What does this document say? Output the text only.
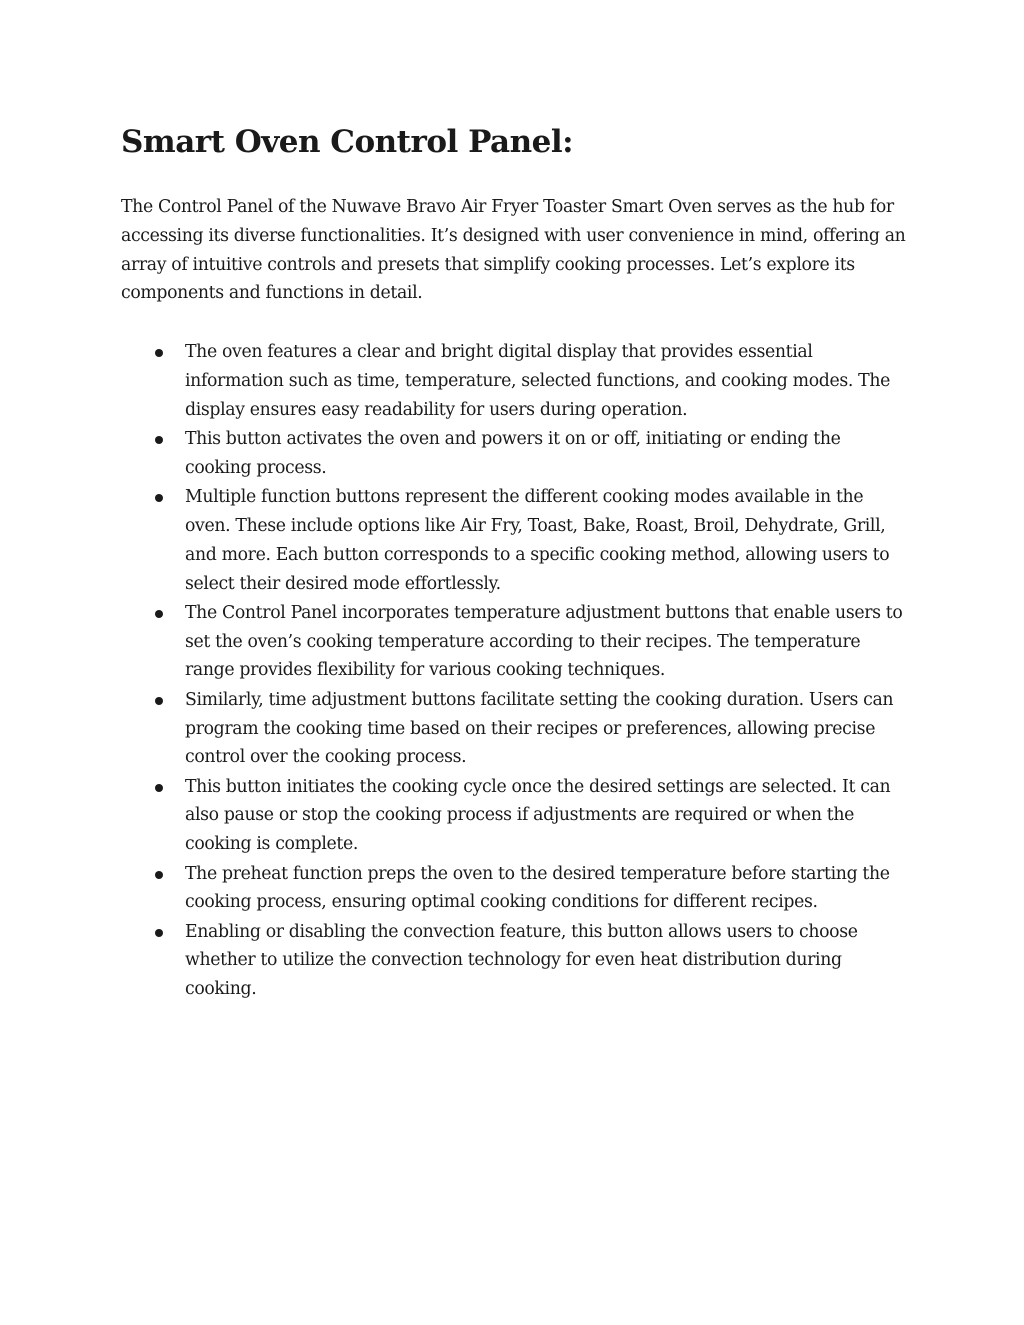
Smart Oven Control Panel:

The Control Panel of the Nuwave Bravo Air Fryer Toaster Smart Oven serves as the hub for accessing its diverse functionalities. It’s designed with user convenience in mind, offering an array of intuitive controls and presets that simplify cooking processes. Let’s explore its components and functions in detail.

The oven features a clear and bright digital display that provides essential information such as time, temperature, selected functions, and cooking modes. The display ensures easy readability for users during operation.
This button activates the oven and powers it on or off, initiating or ending the cooking process.
Multiple function buttons represent the different cooking modes available in the oven. These include options like Air Fry, Toast, Bake, Roast, Broil, Dehydrate, Grill, and more. Each button corresponds to a specific cooking method, allowing users to select their desired mode effortlessly.
The Control Panel incorporates temperature adjustment buttons that enable users to set the oven’s cooking temperature according to their recipes. The temperature range provides flexibility for various cooking techniques.
Similarly, time adjustment buttons facilitate setting the cooking duration. Users can program the cooking time based on their recipes or preferences, allowing precise control over the cooking process.
This button initiates the cooking cycle once the desired settings are selected. It can also pause or stop the cooking process if adjustments are required or when the cooking is complete.
The preheat function preps the oven to the desired temperature before starting the cooking process, ensuring optimal cooking conditions for different recipes.
Enabling or disabling the convection feature, this button allows users to choose whether to utilize the convection technology for even heat distribution during cooking.
